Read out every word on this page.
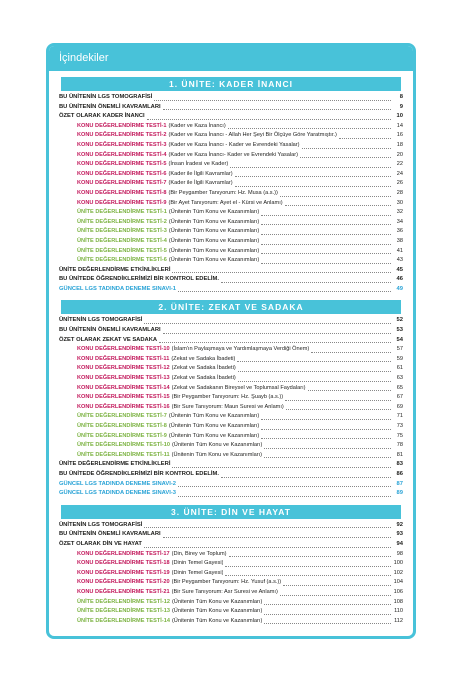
İçindekiler
1. ÜNİTE: KADER İNANCI
BU ÜNİTENİN LGS TOMOGRAFİSİ	8
BU ÜNİTENİN ÖNEMLİ KAVRAMLARI	9
ÖZET OLARAK KADER İNANCI	10
KONU DEĞERLENDİRME TESTİ-1 (Kader ve Kaza İnancı)	14
KONU DEĞERLENDİRME TESTİ-2 (Kader ve Kaza İnancı - Allah Her Şeyi Bir Ölçüye Göre Yaratmıştır.)	16
KONU DEĞERLENDİRME TESTİ-3 (Kader ve Kaza İnancı - Kader ve Evrendeki Yasalar)	18
KONU DEĞERLENDİRME TESTİ-4 (Kader ve Kaza İnancı- Kader ve Evrendeki Yasalar)	20
KONU DEĞERLENDİRME TESTİ-5 (İnsan İradesi ve Kader)	22
KONU DEĞERLENDİRME TESTİ-6 (Kader ile İlgili Kavramlar)	24
KONU DEĞERLENDİRME TESTİ-7 (Kader ile İlgili Kavramlar)	26
KONU DEĞERLENDİRME TESTİ-8 (Bir Peygamber Tanıyorum: Hz. Musa (a.s.))	28
KONU DEĞERLENDİRME TESTİ-9 (Bir Ayet Tanıyorum: Ayet el - Kürsi ve Anlamı)	30
ÜNİTE DEĞERLENDİRME TESTİ-1 (Ünitenin Tüm Konu ve Kazanımları)	32
ÜNİTE DEĞERLENDİRME TESTİ-2 (Ünitenin Tüm Konu ve Kazanımları)	34
ÜNİTE DEĞERLENDİRME TESTİ-3 (Ünitenin Tüm Konu ve Kazanımları)	36
ÜNİTE DEĞERLENDİRME TESTİ-4 (Ünitenin Tüm Konu ve Kazanımları)	38
ÜNİTE DEĞERLENDİRME TESTİ-5 (Ünitenin Tüm Konu ve Kazanımları)	41
ÜNİTE DEĞERLENDİRME TESTİ-6 (Ünitenin Tüm Konu ve Kazanımları)	43
ÜNİTE DEĞERLENDİRME ETKİNLİKLERİ	45
BU ÜNİTEDE ÖĞRENDİKLERİMİZİ BİR KONTROL EDELİM.	46
GÜNCEL LGS TADINDA DENEME SINAVI-1	49
2. ÜNİTE: ZEKAT VE SADAKA
ÜNİTENİN LGS TOMOGRAFİSİ	52
BU ÜNİTENİN ÖNEMLİ KAVRAMLARI	53
ÖZET OLARAK ZEKAT VE SADAKA	54
KONU DEĞERLENDİRME TESTİ-10 (İslam'ın Paylaşmaya ve Yardımlaşmaya Verdiği Önem)	57
KONU DEĞERLENDİRME TESTİ-11 (Zekat ve Sadaka İbadeti)	59
KONU DEĞERLENDİRME TESTİ-12 (Zekat ve Sadaka İbadeti)	61
KONU DEĞERLENDİRME TESTİ-13 (Zekat ve Sadaka İbadeti)	63
KONU DEĞERLENDİRME TESTİ-14 (Zekat ve Sadakanın Bireysel ve Toplumsal Faydaları)	65
KONU DEĞERLENDİRME TESTİ-15 (Bir Peygamber Tanıyorum: Hz. Şuayb (a.s.))	67
KONU DEĞERLENDİRME TESTİ-16 (Bir Sure Tanıyorum: Maun Suresi ve Anlamı)	69
ÜNİTE DEĞERLENDİRME TESTİ-7 (Ünitenin Tüm Konu ve Kazanımları)	71
ÜNİTE DEĞERLENDİRME TESTİ-8 (Ünitenin Tüm Konu ve Kazanımları)	73
ÜNİTE DEĞERLENDİRME TESTİ-9 (Ünitenin Tüm Konu ve Kazanımları)	75
ÜNİTE DEĞERLENDİRME TESTİ-10 (Ünitenin Tüm Konu ve Kazanımları)	78
ÜNİTE DEĞERLENDİRME TESTİ-11 (Ünitenin Tüm Konu ve Kazanımları)	81
ÜNİTE DEĞERLENDİRME ETKİNLİKLERİ	83
BU ÜNİTEDE ÖĞRENDİKLERİMİZİ BİR KONTROL EDELİM.	86
GÜNCEL LGS TADINDA DENEME SINAVI-2	87
GÜNCEL LGS TADINDA DENEME SINAVI-3	89
3. ÜNİTE: DİN VE HAYAT
ÜNİTENİN LGS TOMOGRAFİSİ	92
BU ÜNİTENİN ÖNEMLİ KAVRAMLARI	93
ÖZET OLARAK DİN VE HAYAT	94
KONU DEĞERLENDİRME TESTİ-17 (Din, Birey ve Toplum)	98
KONU DEĞERLENDİRME TESTİ-18 (Dinin Temel Gayesi)	100
KONU DEĞERLENDİRME TESTİ-19 (Dinin Temel Gayesi)	102
KONU DEĞERLENDİRME TESTİ-20 (Bir Peygamber Tanıyorum: Hz. Yusuf (a.s.))	104
KONU DEĞERLENDİRME TESTİ-21 (Bir Sure Tanıyorum: Asr Suresi ve Anlamı)	106
ÜNİTE DEĞERLENDİRME TESTİ-12 (Ünitenin Tüm Konu ve Kazanımları)	108
ÜNİTE DEĞERLENDİRME TESTİ-13 (Ünitenin Tüm Konu ve Kazanımları)	110
ÜNİTE DEĞERLENDİRME TESTİ-14 (Ünitenin Tüm Konu ve Kazanımları)	112
